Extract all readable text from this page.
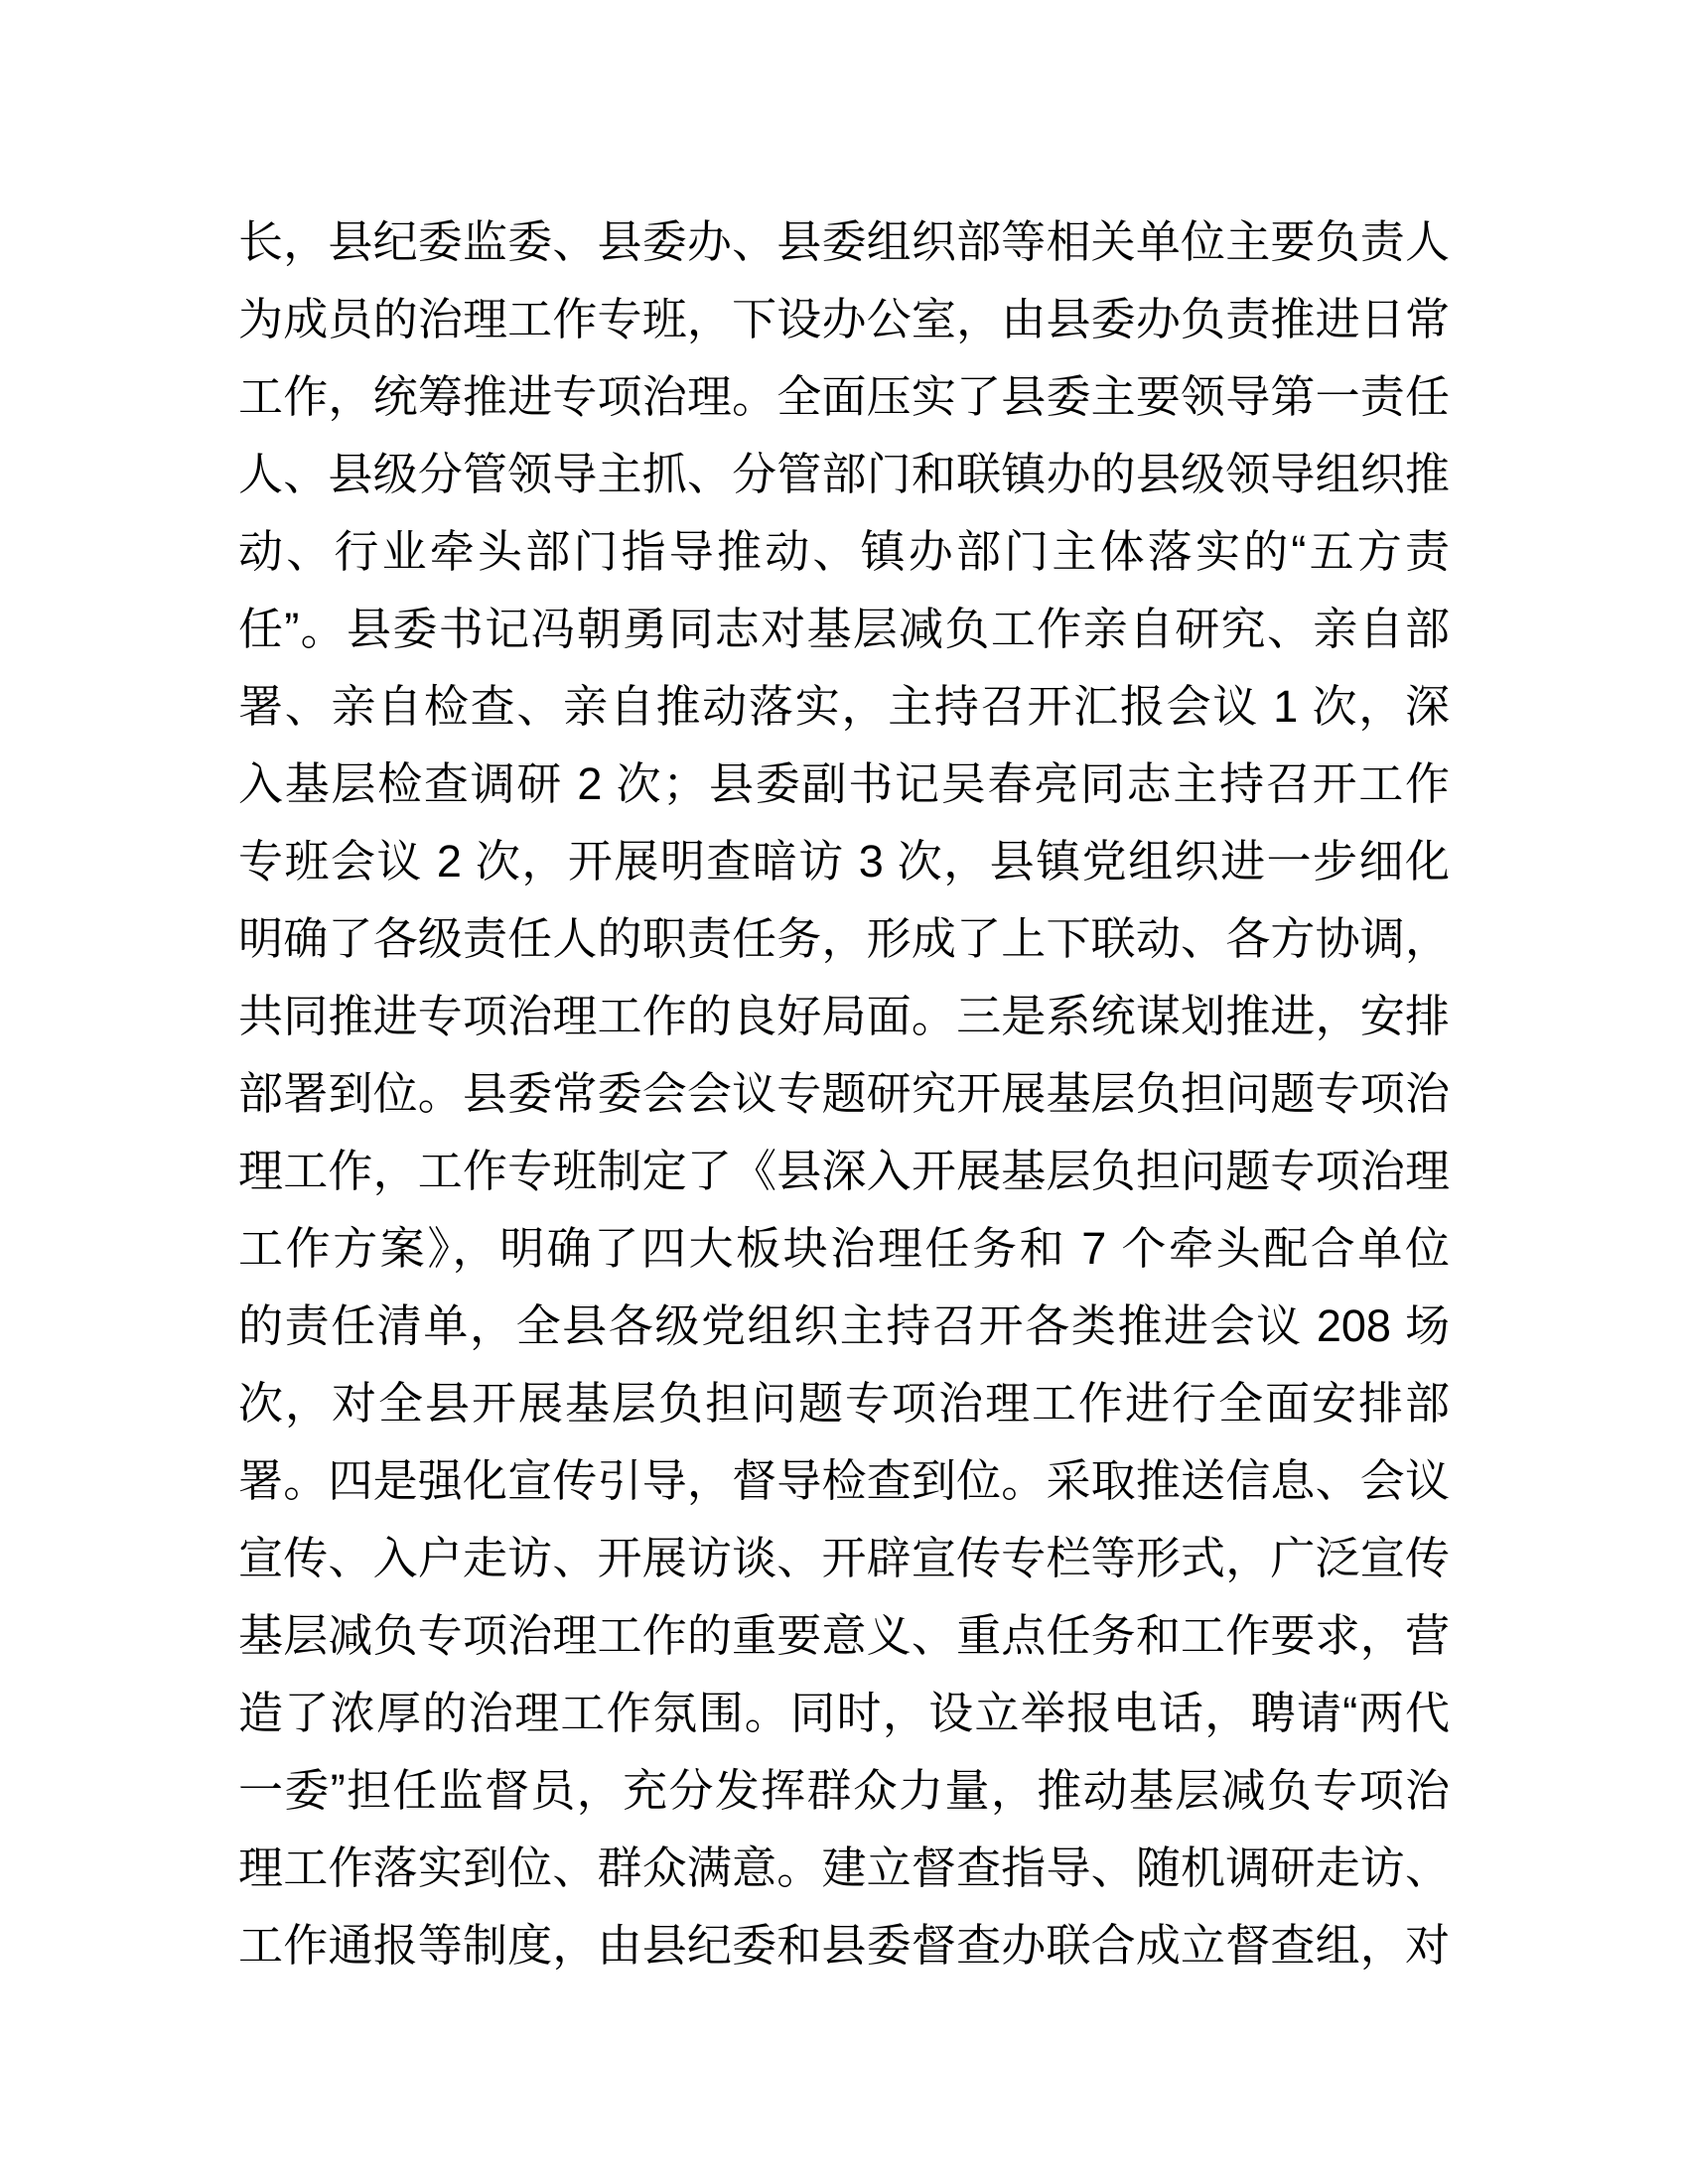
长，县纪委监委、县委办、县委组织部等相关单位主要负责人
为成员的治理工作专班，下设办公室，由县委办负责推进日常
工作，统筹推进专项治理。全面压实了县委主要领导第一责任
人、县级分管领导主抓、分管部门和联镇办的县级领导组织推
动、行业牵头部门指导推动、镇办部门主体落实的“五方责
任”。县委书记冯朝勇同志对基层减负工作亲自研究、亲自部
署、亲自检查、亲自推动落实，主持召开汇报会议 1 次，深
入基层检查调研 2 次；县委副书记吴春亮同志主持召开工作
专班会议 2 次，开展明查暗访 3 次，县镇党组织进一步细化
明确了各级责任人的职责任务，形成了上下联动、各方协调，
共同推进专项治理工作的良好局面。三是系统谋划推进，安排
部署到位。县委常委会会议专题研究开展基层负担问题专项治
理工作，工作专班制定了《县深入开展基层负担问题专项治理
工作方案》，明确了四大板块治理任务和 7 个牵头配合单位
的责任清单，全县各级党组织主持召开各类推进会议 208 场
次，对全县开展基层负担问题专项治理工作进行全面安排部
署。四是强化宣传引导，督导检查到位。采取推送信息、会议
宣传、入户走访、开展访谈、开辟宣传专栏等形式，广泛宣传
基层减负专项治理工作的重要意义、重点任务和工作要求，营
造了浓厚的治理工作氛围。同时，设立举报电话，聘请“两代
一委”担任监督员，充分发挥群众力量，推动基层减负专项治
理工作落实到位、群众满意。建立督查指导、随机调研走访、
工作通报等制度，由县纪委和县委督查办联合成立督查组，对
